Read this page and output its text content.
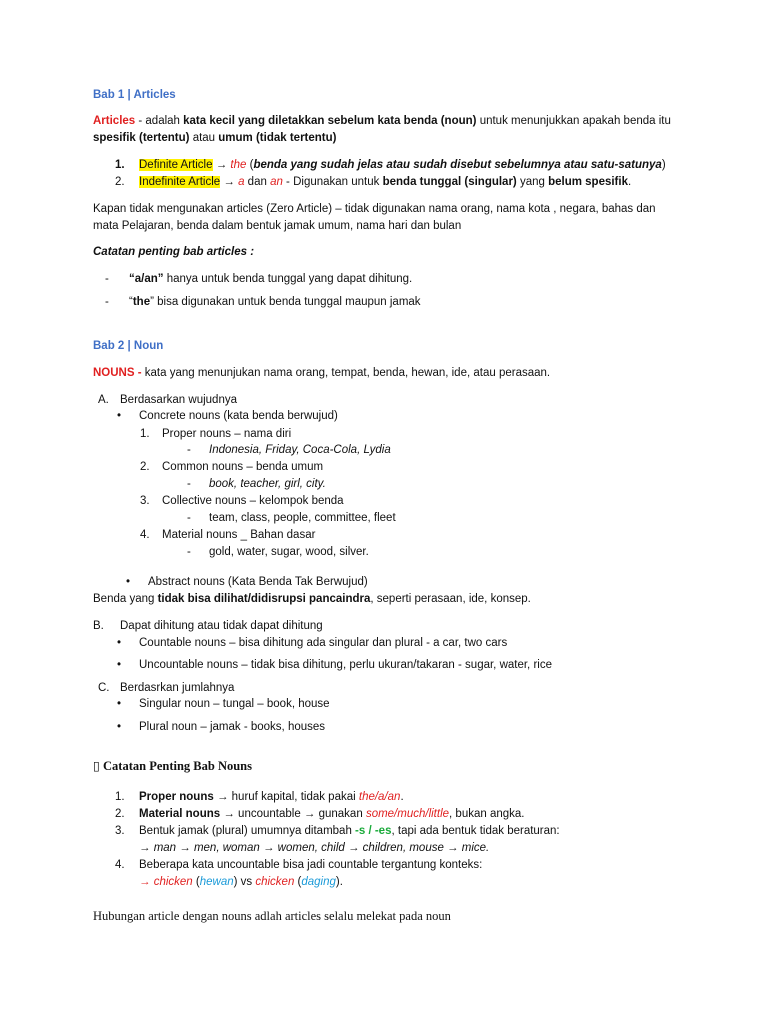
Bab 1 | Articles
Articles - adalah kata kecil yang diletakkan sebelum kata benda (noun) untuk menunjukkan apakah benda itu
spesifik (tertentu) atau umum (tidak tertentu)
1. Definite Article → the (benda yang sudah jelas atau sudah disebut sebelumnya atau satu-satunya)
2. Indefinite Article → a dan an - Digunakan untuk benda tunggal (singular) yang belum spesifik.
Kapan tidak mengunakan articles (Zero Article) – tidak digunakan nama orang, nama kota , negara, bahas dan
mata Pelajaran, benda dalam bentuk jamak umum, nama hari dan bulan
Catatan penting bab articles :
- “a/an” hanya untuk benda tunggal yang dapat dihitung.
- “the” bisa digunakan untuk benda tunggal maupun jamak
Bab 2 | Noun
NOUNS - kata yang menunjukan nama orang, tempat, benda, hewan, ide, atau perasaan.
A. Berdasarkan wujudnya
• Concrete nouns (kata benda berwujud)
1. Proper nouns – nama diri
- Indonesia, Friday, Coca-Cola, Lydia
2. Common nouns – benda umum
- book, teacher, girl, city.
3. Collective nouns – kelompok benda
- team, class, people, committee, fleet
4. Material nouns _ Bahan dasar
- gold, water, sugar, wood, silver.
• Abstract nouns (Kata Benda Tak Berwujud)
Benda yang tidak bisa dilihat/didisrupsi pancaindra, seperti perasaan, ide, konsep.
B. Dapat dihitung atau tidak dapat dihitung
• Countable nouns – bisa dihitung ada singular dan plural - a car, two cars
• Uncountable nouns – tidak bisa dihitung, perlu ukuran/takaran - sugar, water, rice
C. Berdasrkan jumlahnya
• Singular noun – tungal – book, house
• Plural noun – jamak - books, houses
▯ Catatan Penting Bab Nouns
1. Proper nouns → huruf kapital, tidak pakai the/a/an.
2. Material nouns → uncountable → gunakan some/much/little, bukan angka.
3. Bentuk jamak (plural) umumnya ditambah -s / -es, tapi ada bentuk tidak beraturan:
→ man → men, woman → women, child → children, mouse → mice.
4. Beberapa kata uncountable bisa jadi countable tergantung konteks:
→ chicken (hewan) vs chicken (daging).
Hubungan article dengan nouns adlah articles selalu melekat pada noun
